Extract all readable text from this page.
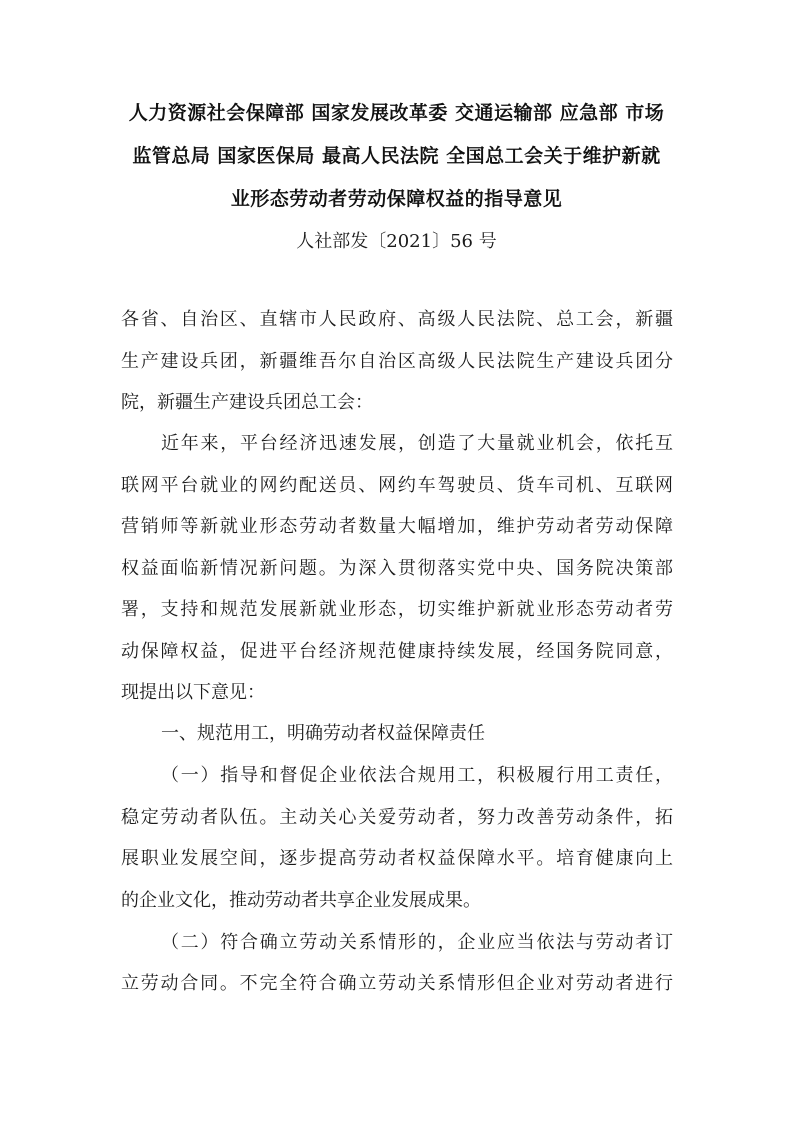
人力资源社会保障部 国家发展改革委 交通运输部 应急部 市场
监管总局 国家医保局 最高人民法院 全国总工会关于维护新就
业形态劳动者劳动保障权益的指导意见
人社部发〔2021〕56 号
各省、自治区、直辖市人民政府、高级人民法院、总工会，新疆
生产建设兵团，新疆维吾尔自治区高级人民法院生产建设兵团分
院，新疆生产建设兵团总工会：
近年来，平台经济迅速发展，创造了大量就业机会，依托互
联网平台就业的网约配送员、网约车驾驶员、货车司机、互联网
营销师等新就业形态劳动者数量大幅增加，维护劳动者劳动保障
权益面临新情况新问题。为深入贯彻落实党中央、国务院决策部
署，支持和规范发展新就业形态，切实维护新就业形态劳动者劳
动保障权益，促进平台经济规范健康持续发展，经国务院同意，
现提出以下意见：
一、规范用工，明确劳动者权益保障责任
（一）指导和督促企业依法合规用工，积极履行用工责任，
稳定劳动者队伍。主动关心关爱劳动者，努力改善劳动条件，拓
展职业发展空间，逐步提高劳动者权益保障水平。培育健康向上
的企业文化，推动劳动者共享企业发展成果。
（二）符合确立劳动关系情形的，企业应当依法与劳动者订
立劳动合同。不完全符合确立劳动关系情形但企业对劳动者进行
